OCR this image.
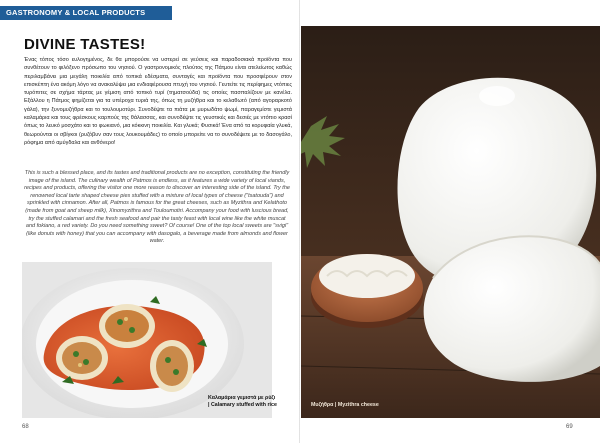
GASTRONOMY & LOCAL PRODUCTS
DIVINE TASTES!

Ένας τόπος τόσο ευλογημένος, δε θα μπορούσε να υστερεί σε γεύσεις και παραδοσιακά προϊόντα που συνθέτουν το φιλόξενο πρόσωπο του νησιού. Ο γαστρονομικός πλούτος της Πάτμου είναι ατελείωτος καθώς περιλαμβάνει μια μεγάλη ποικιλία από τοπικά εδέσματα, συνταγές και προϊόντα που προσφέρουν στον επισκέπτη ένα ακόμη λόγο να ανακαλύψει μια ενδιαφέρουσα πτυχή του νησιού. Γευτείτε τις περίφημες ντόπιες τυρόπιτες σε σχήμα τάρτας με γέμιση από τοπικό τυρί (τηματσούδα) τις οποίες πασπαλίζουν με κανέλα. Εξάλλου η Πάτμος φημίζεται για τα υπέροχα τυριά της, όπως τη μυζήθρα και το κελαθωτό (από αγοραρκοτό γάλα), την ξυνομυζήθρα και το τουλουμοτύρι. Συνοδέψτε τα πιάτα με μυρωδάτο ψωμί, παραγεμίστε γεμιστά καλαμάρια και τους φρέσκους καρπούς της θάλασσας, και συνοδέψτε τις γευστικές και δεσιές με ντόπιο κρασί όπως το λευκό μοσχάτο και το φωκιανό, μια κόκκινη ποικιλία. Και γλυκά; Φυσικά! Ένα από τα κορυφαία γλυκά, θεωρούνται οι σβίγκοι (ρυζόβυν σαν τους λουκουμάδες) το οποίο μπορείτε να το συνοδέψετε με το δασογάλο, ρόφημα από αμύγδαλα και ανθόνερο!

This is such a blessed place, and its tastes and traditional products are no exception, constituting the friendly image of the island. The culinary wealth of Patmos is endless, as it features a wide variety of local viands, recipes and products, offering the visitor one more reason to discover an interesting side of the island. Try the renowned local tarte shaped cheese pies stuffed with a mixture of local types of cheese ("tsatouda") and sprinkled with cinnamon. After all, Patmos is famous for the great cheeses, such as Myzithra and Kelathoto (made from goat and sheep milk), Xinomyzithra and Touloumotiri. Accompany your food with luscious bread, try the stuffed calamari and the fresh seafood and pair the tasty feast with local wine like the white muscat and fokiano, a red variety. Do you need something sweet? Of course! One of the top local sweets are "svigi" (like donuts with honey) that you can accompany with dasogalo, a beverage made from almonds and flower water.

Καλαμάρια γεμιστά με ρύζι
| Calamary stuffed with rice
68
Μυζήθρα | Myzithra cheese
69
